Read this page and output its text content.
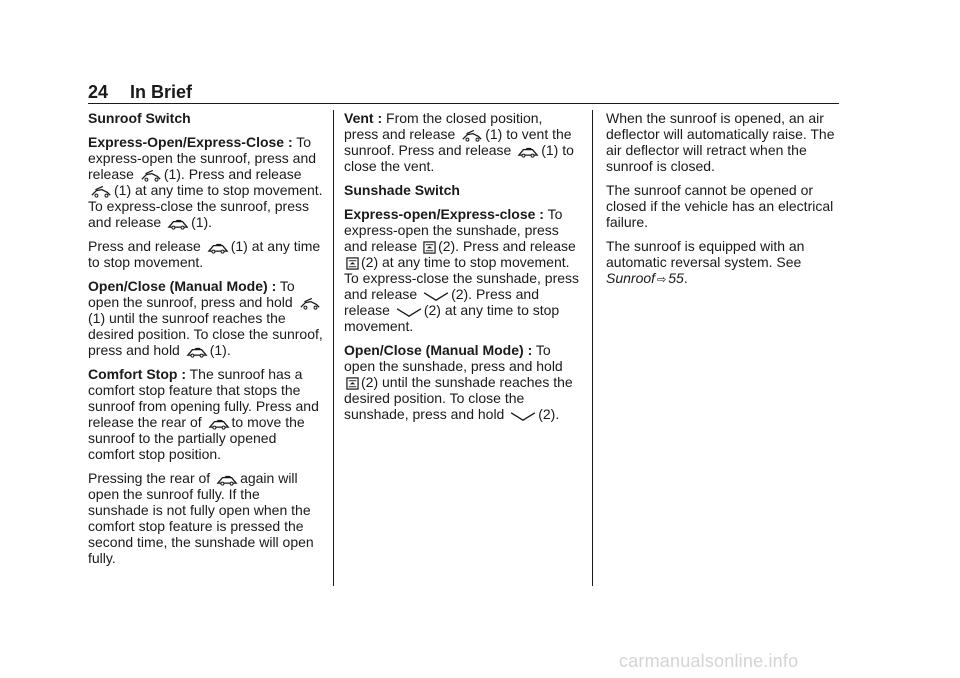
24 In Brief

Sunroof Switch

Express-Open/Express-Close : To express-open the sunroof, press and release (1). Press and release
(1) at any time to stop movement. To express-close the sunroof, press and release (1).

Press and release (1) at any time to stop movement.

Open/Close (Manual Mode) : To open the sunroof, press and hold
(1) until the sunroof reaches the desired position. To close the sunroof, press and hold (1).

Comfort Stop : The sunroof has a comfort stop feature that stops the sunroof from opening fully. Press and release the rear of to move the sunroof to the partially opened comfort stop position.

Pressing the rear of again will open the sunroof fully. If the sunshade is not fully open when the comfort stop feature is pressed the second time, the sunshade will open fully.

Vent : From the closed position, press and release (1) to vent the sunroof. Press and release (1) to close the vent.

Sunshade Switch

Express-open/Express-close : To express-open the sunshade, press and release (2). Press and release
(2) at any time to stop movement. To express-close the sunshade, press and release (2). Press and release (2) at any time to stop movement.

Open/Close (Manual Mode) : To open the sunshade, press and hold
(2) until the sunshade reaches the desired position. To close the sunshade, press and hold (2).

When the sunroof is opened, an air deflector will automatically raise. The air deflector will retract when the sunroof is closed.

The sunroof cannot be opened or closed if the vehicle has an electrical failure.

The sunroof is equipped with an automatic reversal system. See Sunroof ⇨ 55.

carmanualsonline.info
